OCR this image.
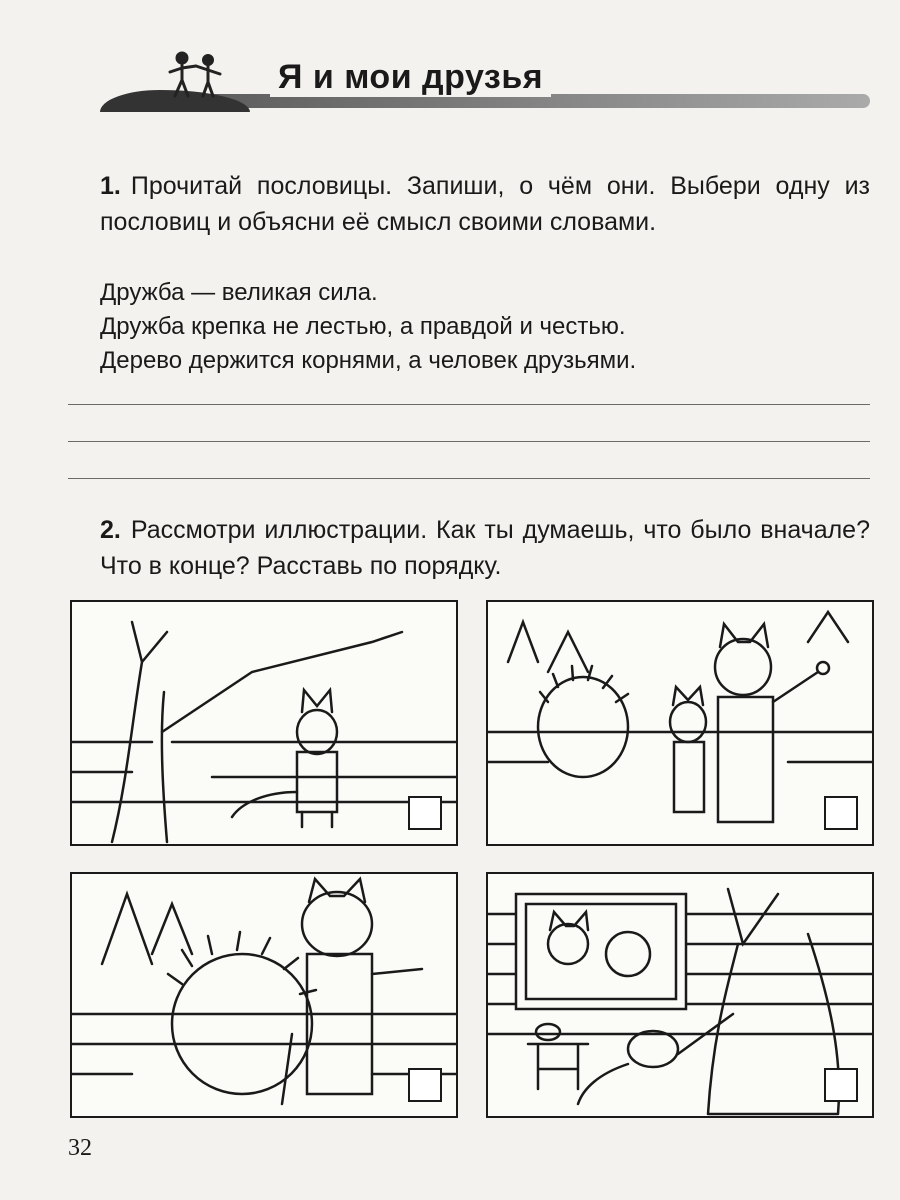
Я и мои друзья
1. Прочитай пословицы. Запиши, о чём они. Выбери одну из пословиц и объясни её смысл своими словами.
Дружба — великая сила.
Дружба крепка не лестью, а правдой и честью.
Дерево держится корнями, а человек друзьями.
2. Рассмотри иллюстрации. Как ты думаешь, что было вначале? Что в конце? Расставь по порядку.
32
